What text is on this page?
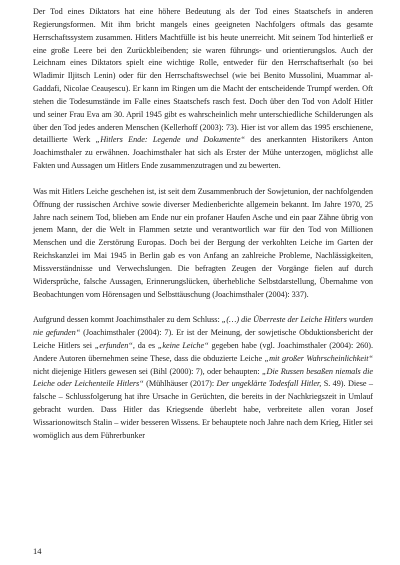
Der Tod eines Diktators hat eine höhere Bedeutung als der Tod eines Staatschefs in anderen Regierungsformen. Mit ihm bricht mangels eines geeigneten Nachfolgers oftmals das gesamte Herrschaftssystem zusammen. Hitlers Machtfülle ist bis heute unerreicht. Mit seinem Tod hinterließ er eine große Leere bei den Zurückbleibenden; sie waren führungs- und orientierungslos. Auch der Leichnam eines Diktators spielt eine wichtige Rolle, entweder für den Herrschaftserhalt (so bei Wladimir Iljitsch Lenin) oder für den Herrschaftswechsel (wie bei Benito Mussolini, Muammar al-Gaddafi, Nicolae Ceaușescu). Er kann im Ringen um die Macht der entscheidende Trumpf werden. Oft stehen die Todesumstände im Falle eines Staatschefs rasch fest. Doch über den Tod von Adolf Hitler und seiner Frau Eva am 30. April 1945 gibt es wahrscheinlich mehr unterschiedliche Schilderungen als über den Tod jedes anderen Menschen (Kellerhoff (2003): 73). Hier ist vor allem das 1995 erschienene, detaillierte Werk „Hitlers Ende: Legende und Dokumente“ des anerkannten Historikers Anton Joachimsthaler zu erwähnen. Joachimsthaler hat sich als Erster der Mühe unterzogen, möglichst alle Fakten und Aussagen um Hitlers Ende zusammenzutragen und zu bewerten.

Was mit Hitlers Leiche geschehen ist, ist seit dem Zusammenbruch der Sowjetunion, der nachfolgenden Öffnung der russischen Archive sowie diverser Medienberichte allgemein bekannt. Im Jahre 1970, 25 Jahre nach seinem Tod, blieben am Ende nur ein profaner Haufen Asche und ein paar Zähne übrig von jenem Mann, der die Welt in Flammen setzte und verantwortlich war für den Tod von Millionen Menschen und die Zerstörung Europas. Doch bei der Bergung der verkohlten Leiche im Garten der Reichskanzlei im Mai 1945 in Berlin gab es von Anfang an zahlreiche Probleme, Nachlässigkeiten, Missverständnisse und Verwechslungen. Die befragten Zeugen der Vorgänge fielen auf durch Widersprüche, falsche Aussagen, Erinnerungslücken, überhebliche Selbstdarstellung, Übernahme von Beobachtungen vom Hörensagen und Selbsttäuschung (Joachimsthaler (2004): 337).

Aufgrund dessen kommt Joachimsthaler zu dem Schluss: „(…) die Überreste der Leiche Hitlers wurden nie gefunden“ (Joachimsthaler (2004): 7). Er ist der Meinung, der sowjetische Obduktionsbericht der Leiche Hitlers sei „erfunden“, da es „keine Leiche“ gegeben habe (vgl. Joachimsthaler (2004): 260). Andere Autoren übernehmen seine These, dass die obduzierte Leiche „mit großer Wahrscheinlichkeit“ nicht diejenige Hitlers gewesen sei (Bihl (2000): 7), oder behaupten: „Die Russen besaßen niemals die Leiche oder Leichenteile Hitlers“ (Mühlhäuser (2017): Der ungeklärte Todesfall Hitler, S. 49). Diese – falsche – Schlussfolgerung hat ihre Ursache in Gerüchten, die bereits in der Nachkriegszeit in Umlauf gebracht wurden. Dass Hitler das Kriegsende überlebt habe, verbreitete allen voran Josef Wissarionowitsch Stalin – wider besseren Wissens. Er behauptete noch Jahre nach dem Krieg, Hitler sei womöglich aus dem Führerbunker

14
